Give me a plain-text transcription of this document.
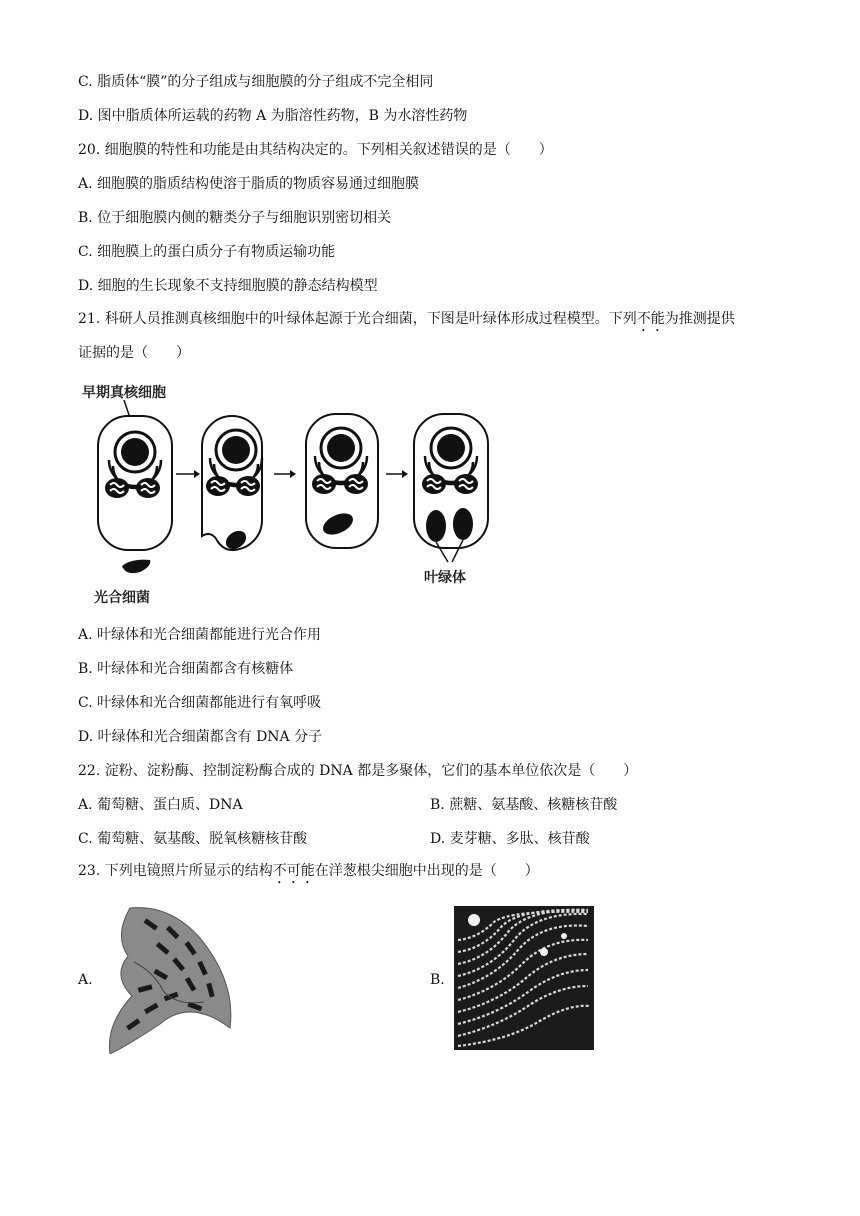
C. 脂质体“膜”的分子组成与细胞膜的分子组成不完全相同
D. 图中脂质体所运载的药物 A 为脂溶性药物，B 为水溶性药物
20. 细胞膜的特性和功能是由其结构决定的。下列相关叙述错误的是（　　）
A. 细胞膜的脂质结构使溶于脂质的物质容易通过细胞膜
B. 位于细胞膜内侧的糖类分子与细胞识别密切相关
C. 细胞膜上的蛋白质分子有物质运输功能
D. 细胞的生长现象不支持细胞膜的静态结构模型
21. 科研人员推测真核细胞中的叶绿体起源于光合细菌，下图是叶绿体形成过程模型。下列不能为推测提供
证据的是（　　）
早期真核细胞
光合细菌
叶绿体
A. 叶绿体和光合细菌都能进行光合作用
B. 叶绿体和光合细菌都含有核糖体
C. 叶绿体和光合细菌都能进行有氧呼吸
D. 叶绿体和光合细菌都含有 DNA 分子
22. 淀粉、淀粉酶、控制淀粉酶合成的 DNA 都是多聚体，它们的基本单位依次是（　　）
A. 葡萄糖、蛋白质、DNA	B. 蔗糖、氨基酸、核糖核苷酸
C. 葡萄糖、氨基酸、脱氧核糖核苷酸	D. 麦芽糖、多肽、核苷酸
23. 下列电镜照片所显示的结构不可能在洋葱根尖细胞中出现的是（　　）
A.	B.
